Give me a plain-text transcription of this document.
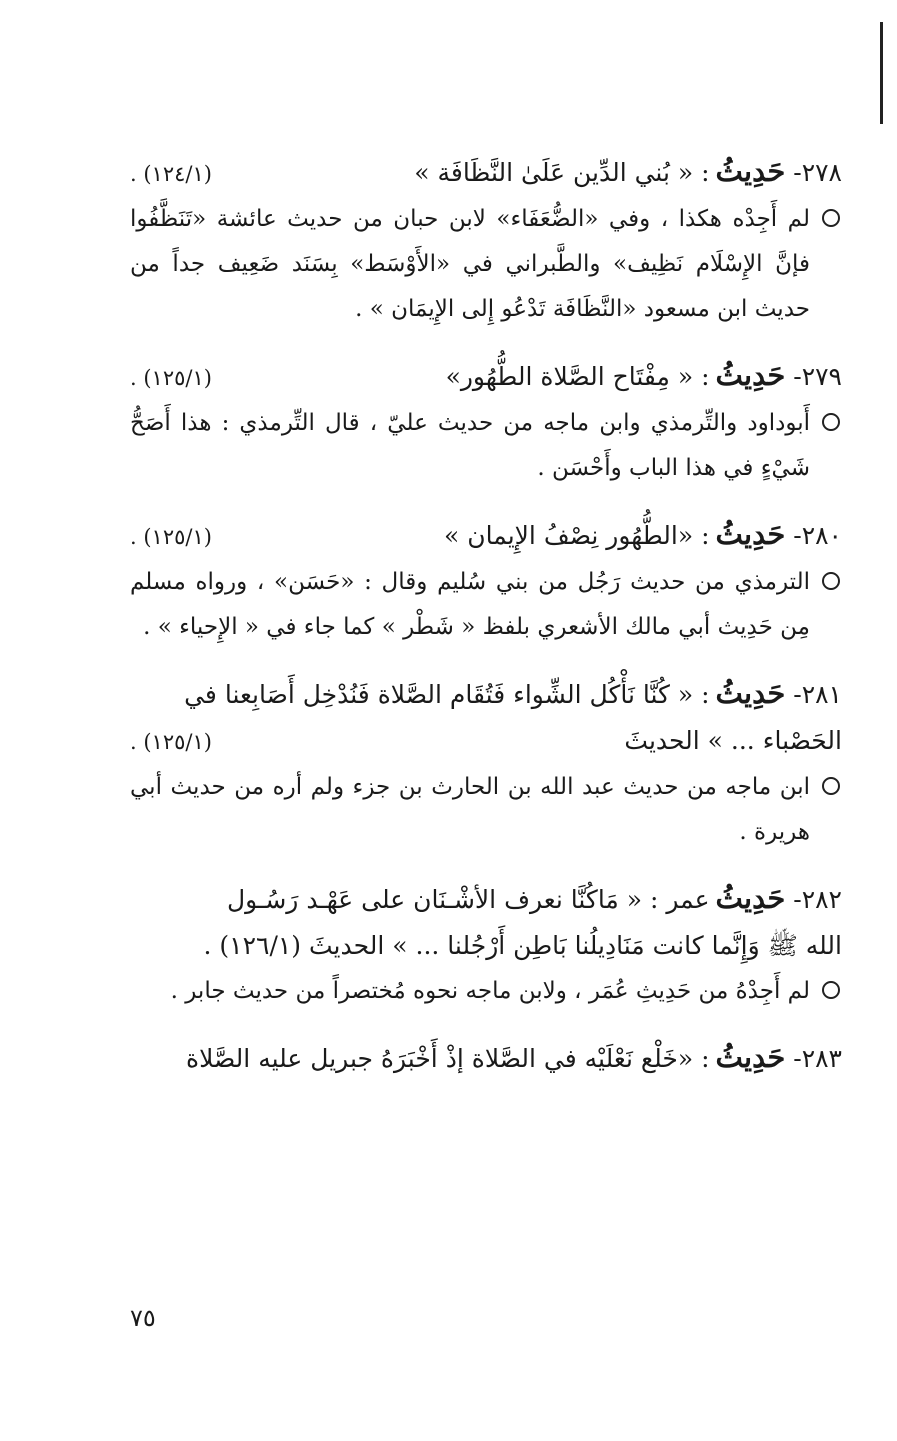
٢٧٨-
حَدِيثُ
: « بُني الدِّين عَلَىٰ النَّظَافَة »
(١٢٤/١) .
لم أَجِدْه هكذا ، وفي «الضُّعَفَاء» لابن حبان من حديث عائشة «تَنَظَّفُوا فإنَّ الإِسْلَام نَظِيف» والطَّبراني في «الأَوْسَط» بِسَنَد ضَعِيف جداً من حديث ابن مسعود «النَّظَافَة تَدْعُو إِلى الإِيمَان » .
٢٧٩-
حَدِيثُ
: « مِفْتَاح الصَّلاة الطُّهُور»
(١٢٥/١) .
أَبوداود والتِّرمذي وابن ماجه من حديث عليّ ، قال التِّرمذي : هذا أَصَحُّ شَيْءٍ في هذا الباب وأَحْسَن .
٢٨٠-
حَدِيثُ
: «الطُّهُور نِصْفُ الإِيمان »
(١٢٥/١) .
الترمذي من حديث رَجُل من بني سُليم وقال : «حَسَن» ، ورواه مسلم مِن حَدِيث أبي مالك الأشعري بلفظ « شَطْر » كما جاء في « الإِحياء » .
٢٨١-
حَدِيثُ
: « كُنَّا نَأْكُل الشِّواء فَتُقَام الصَّلاة فَنُدْخِل أَصَابِعنا في
الحَصْباء ... » الحديثَ
(١٢٥/١) .
ابن ماجه من حديث عبد الله بن الحارث بن جزء ولم أره من حديث أبي هريرة .
٢٨٢-
حَدِيثُ
عمر : « مَاكُنَّا نعرف الأشْـنَان على عَهْـد رَسُـول
الله ﷺ وَإِنَّما كانت مَنَادِيلُنا بَاطِن أَرْجُلنا ... » الحديثَ (١٢٦/١) .
لم أَجِدْهُ من حَدِيثِ عُمَر ، ولابن ماجه نحوه مُختصراً من حديث جابر .
٢٨٣-
حَدِيثُ
: «خَلْع نَعْلَيْه في الصَّلاة إذْ أَخْبَرَهُ جبريل عليه الصَّلاة
٧٥
